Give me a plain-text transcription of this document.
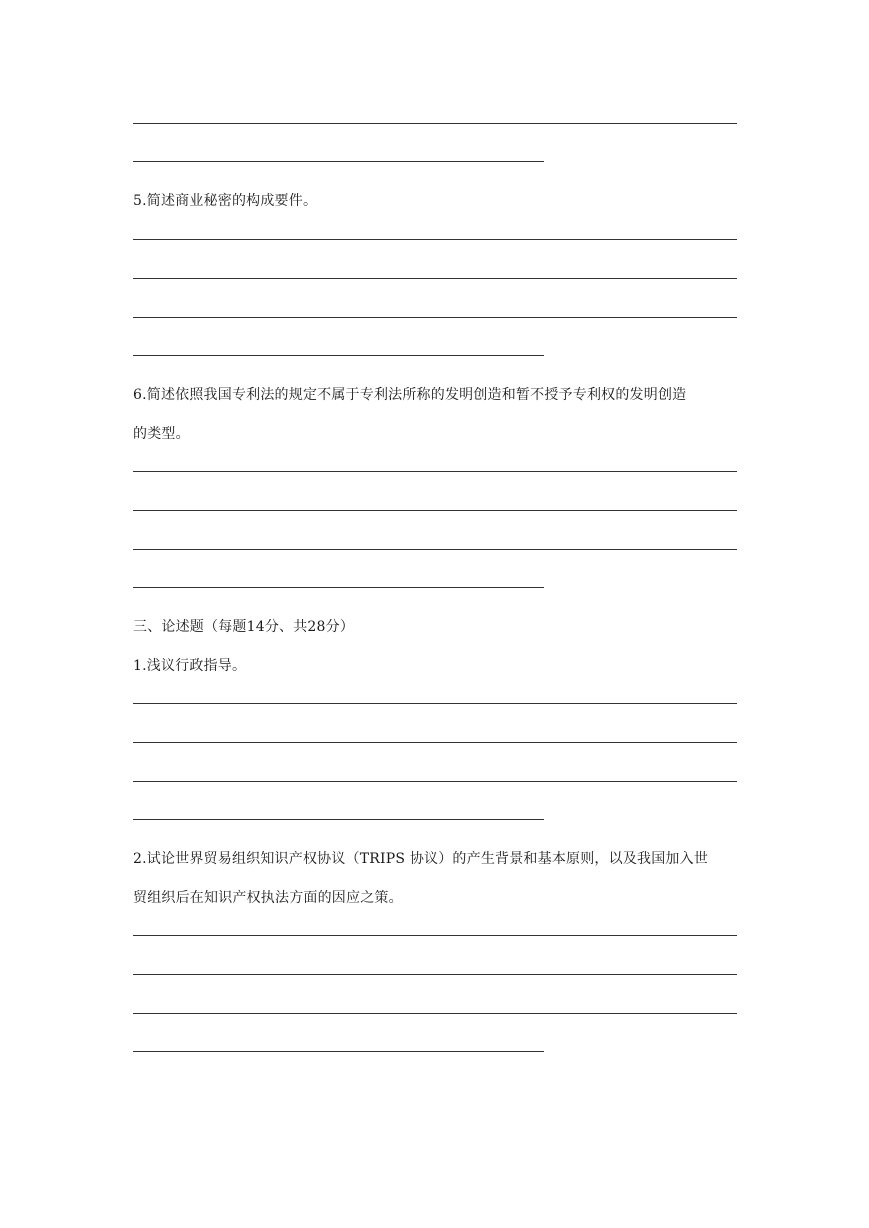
5.简述商业秘密的构成要件。
6.简述依照我国专利法的规定不属于专利法所称的发明创造和暂不授予专利权的发明创造
的类型。
三、论述题（每题14分、共28分）
1.浅议行政指导。
2.试论世界贸易组织知识产权协议（TRIPS 协议）的产生背景和基本原则，以及我国加入世
贸组织后在知识产权执法方面的因应之策。
